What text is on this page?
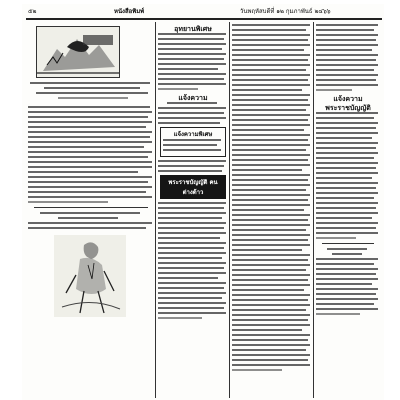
๕๒	หนังสือพิมพ์	วันพฤหัสบดีที่ ๑๒ กุมภาพันธ์ ๒๔๖๖
อุทยานพิเศษ
แจ้งความ
แจ้งความพิเศษ
พระราชบัญญัติ คนต่างด้าว
แจ้งความ
พระราชบัญญัติ
